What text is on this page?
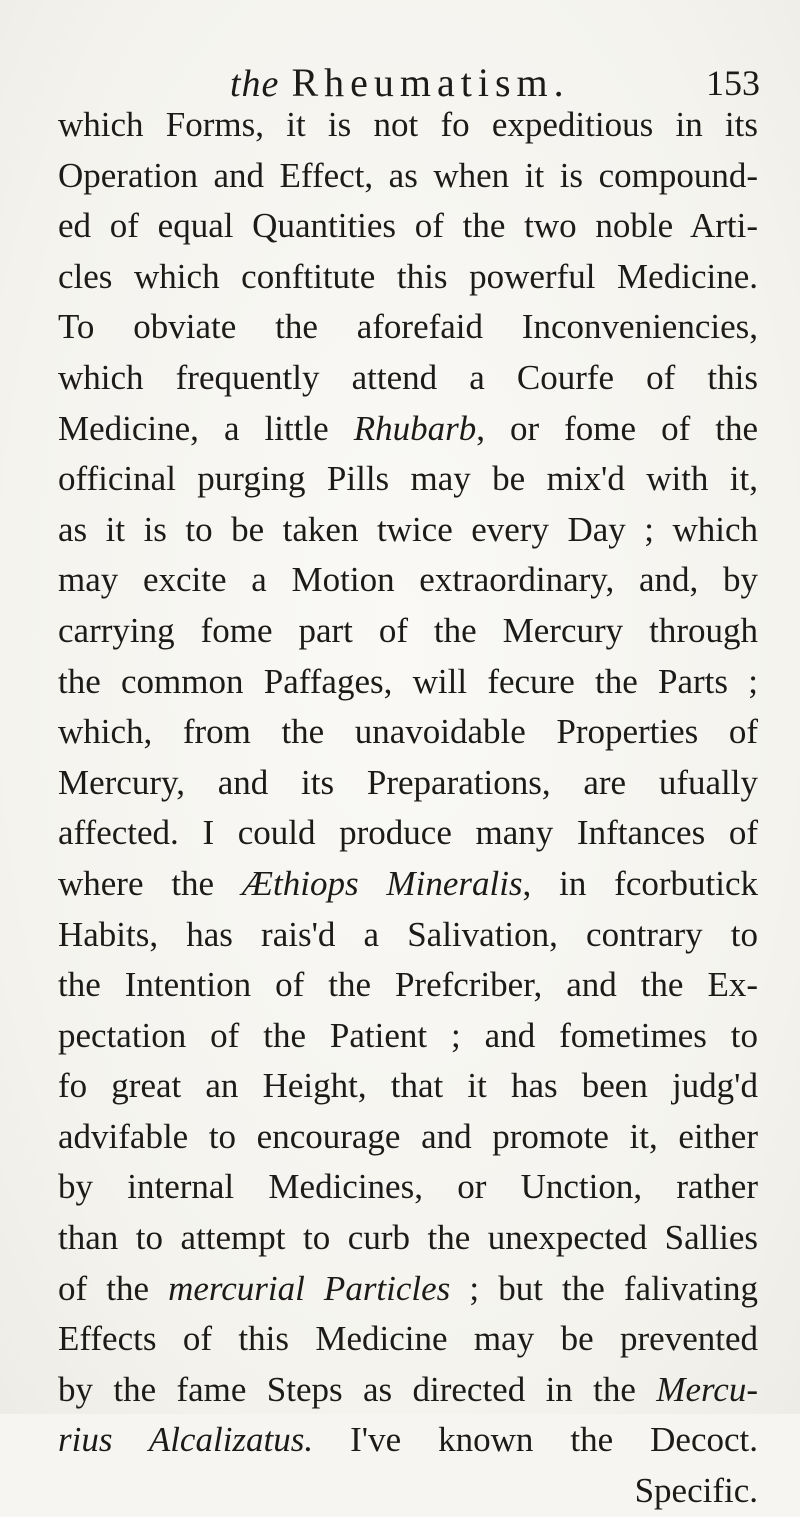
the Rheumatism.	153
which Forms, it is not fo expeditious in its
Operation and Effect, as when it is compound-
ed of equal Quantities of the two noble Arti-
cles which conftitute this powerful Medicine.
To obviate the aforefaid Inconveniencies,
which frequently attend a Courfe of this
Medicine, a little Rhubarb, or fome of the
officinal purging Pills may be mix'd with it,
as it is to be taken twice every Day ; which
may excite a Motion extraordinary, and, by
carrying fome part of the Mercury through
the common Paffages, will fecure the Parts ;
which, from the unavoidable Properties of
Mercury, and its Preparations, are ufually
affected. I could produce many Inftances of
where the Æthiops Mineralis, in fcorbutick
Habits, has rais'd a Salivation, contrary to
the Intention of the Prefcriber, and the Ex-
pectation of the Patient ; and fometimes to
fo great an Height, that it has been judg'd
advifable to encourage and promote it, either
by internal Medicines, or Unction, rather
than to attempt to curb the unexpected Sallies
of the mercurial Particles ; but the falivating
Effects of this Medicine may be prevented
by the fame Steps as directed in the Mercu-
rius Alcalizatus. I've known the Decoct.
Specific.
